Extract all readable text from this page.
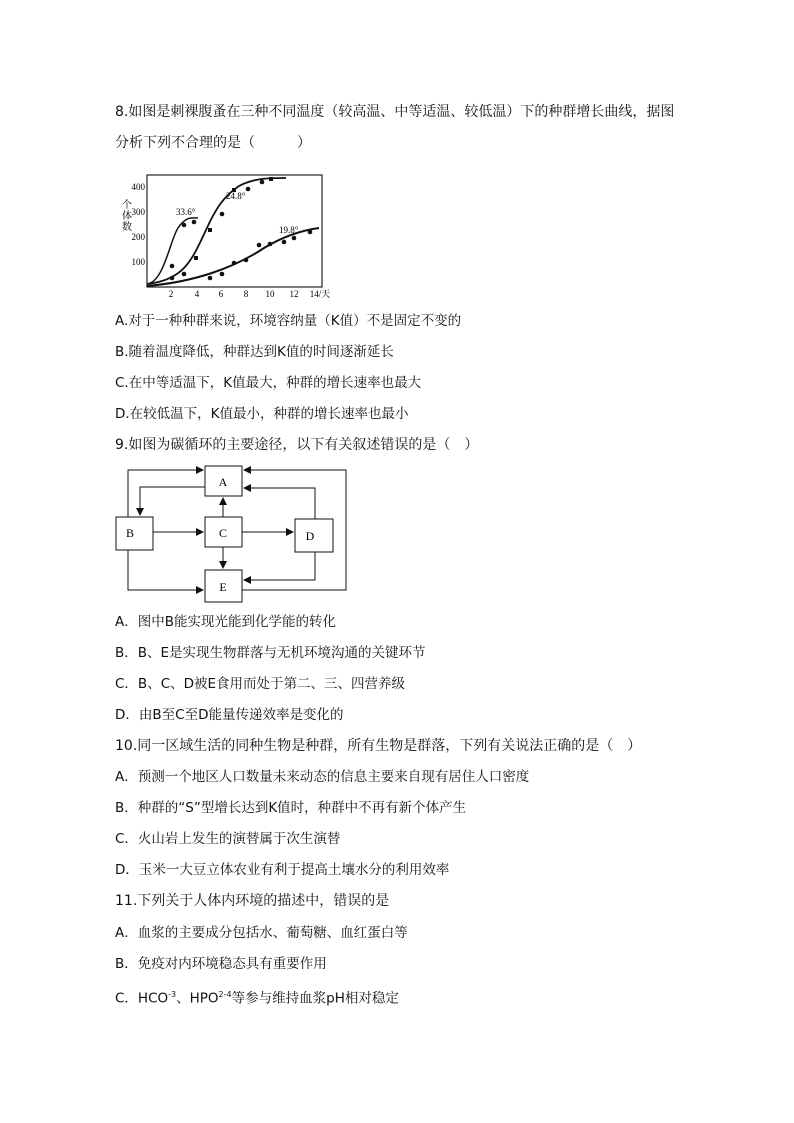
8.如图是刺裸腹蚤在三种不同温度（较高温、中等适温、较低温）下的种群增长曲线，据图
分析下列不合理的是（　　　）
个体数
100
200
300
400
2 4 6 8 10 12 14/天
33.6°
24.8°
19.8°
A.对于一种种群来说，环境容纳量（K值）不是固定不变的
B.随着温度降低，种群达到K值的时间逐渐延长
C.在中等适温下，K值最大，种群的增长速率也最大
D.在较低温下，K值最小，种群的增长速率也最小
9.如图为碳循环的主要途径，以下有关叙述错误的是（　）
A
B	C	D
E
A．图中B能实现光能到化学能的转化
B．B、E是实现生物群落与无机环境沟通的关键环节
C．B、C、D被E食用而处于第二、三、四营养级
D．由B至C至D能量传递效率是变化的
10.同一区域生活的同种生物是种群，所有生物是群落，下列有关说法正确的是（　）
A．预测一个地区人口数量未来动态的信息主要来自现有居住人口密度
B．种群的“S”型增长达到K值时，种群中不再有新个体产生
C．火山岩上发生的演替属于次生演替
D．玉米一大豆立体农业有利于提高土壤水分的利用效率
11.下列关于人体内环境的描述中，错误的是
A．血浆的主要成分包括水、葡萄糖、血红蛋白等
B．免疫对内环境稳态具有重要作用
C．$HCO^{-3}$、HPO$^{2-4}$等参与维持血浆pH相对稳定
